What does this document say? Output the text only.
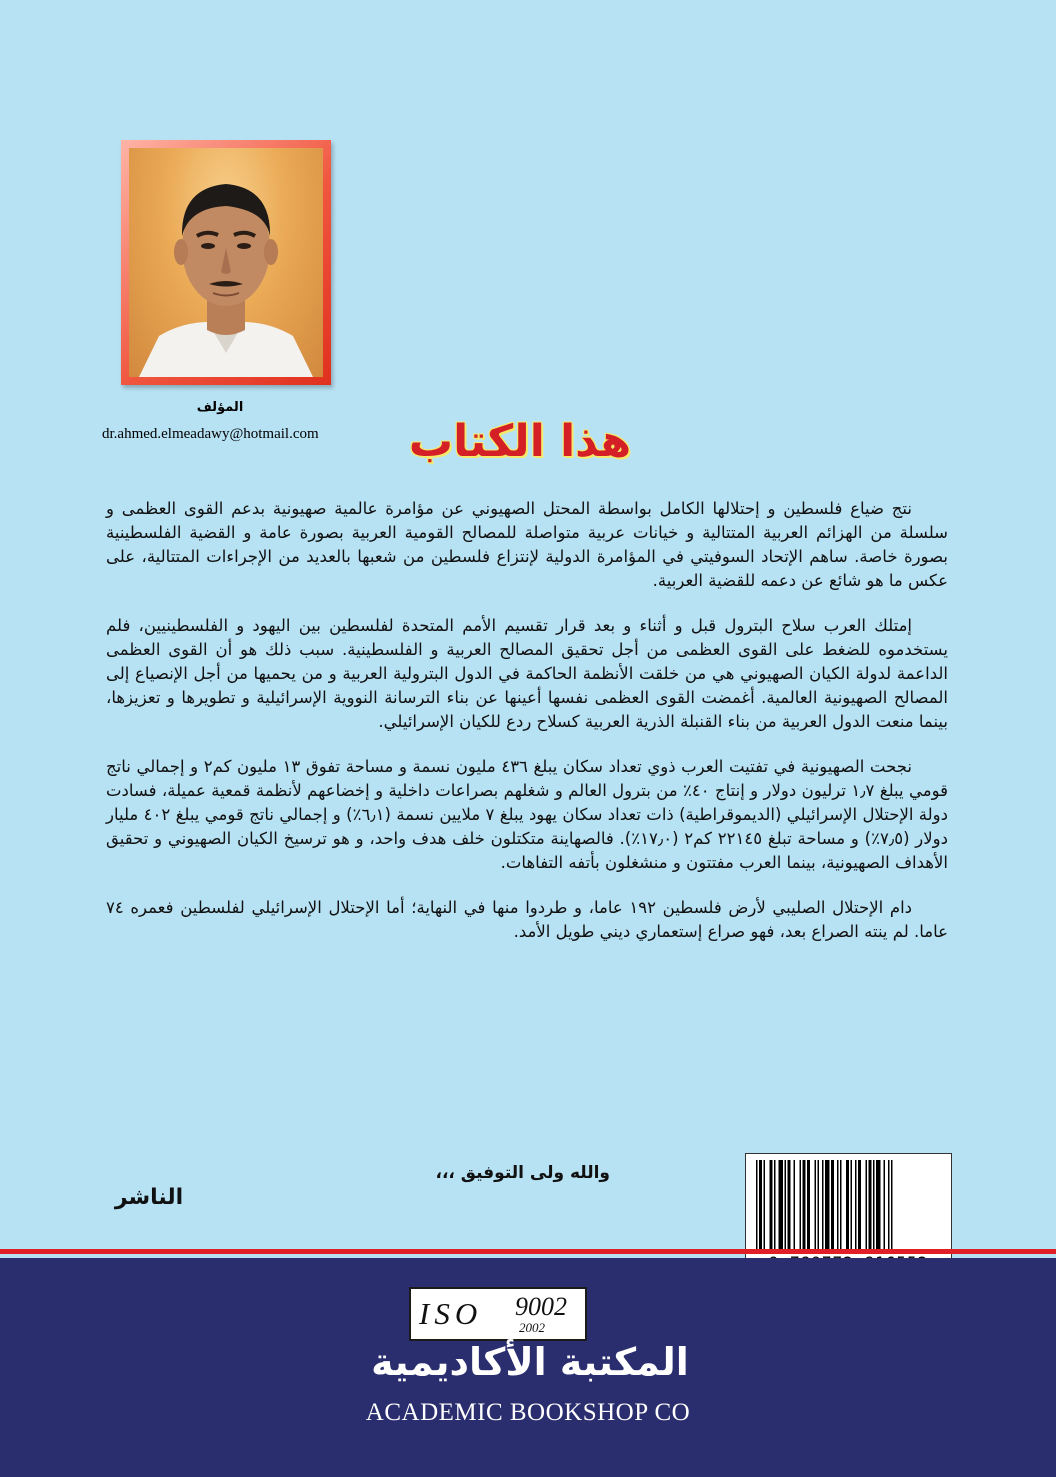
المؤلف
dr.ahmed.elmeadawy@hotmail.com هذا الكتاب

نتج ضياع فلسطين و إحتلالها الكامل بواسطة المحتل الصهيوني عن مؤامرة عالمية صهيونية بدعم القوى العظمى و سلسلة من الهزائم العربية المتتالية و خيانات عربية متواصلة للمصالح القومية العربية بصورة عامة و القضية الفلسطينية بصورة خاصة. ساهم الإتحاد السوفيتي في المؤامرة الدولية لإنتزاع فلسطين من شعبها بالعديد من الإجراءات المتتالية، على عكس ما هو شائع عن دعمه للقضية العربية.

إمتلك العرب سلاح البترول قبل و أثناء و بعد قرار تقسيم الأمم المتحدة لفلسطين بين اليهود و الفلسطينيين، فلم يستخدموه للضغط على القوى العظمى من أجل تحقيق المصالح العربية و الفلسطينية. سبب ذلك هو أن القوى العظمى الداعمة لدولة الكيان الصهيوني هي من خلقت الأنظمة الحاكمة في الدول البترولية العربية و من يحميها من أجل الإنصياع إلى المصالح الصهيونية العالمية. أغمضت القوى العظمى نفسها أعينها عن بناء الترسانة النووية الإسرائيلية و تطويرها و تعزيزها، بينما منعت الدول العربية من بناء القنبلة الذرية العربية كسلاح ردع للكيان الإسرائيلي.

نجحت الصهيونية في تفتيت العرب ذوي تعداد سكان يبلغ ٤٣٦ مليون نسمة و مساحة تفوق ١٣ مليون كم٢ و إجمالي ناتج قومي يبلغ ١٫٧ ترليون دولار و إنتاج ٤٠٪ من بترول العالم و شغلهم بصراعات داخلية و إخضاعهم لأنظمة قمعية عميلة، فسادت دولة الإحتلال الإسرائيلي (الديموقراطية) ذات تعداد سكان يهود يبلغ ٧ ملايين نسمة (٦٫١٪) و إجمالي ناتج قومي يبلغ ٤٠٢ مليار دولار (٧٫٥٪) و مساحة تبلغ ٢٢١٤٥ كم٢ (١٧٫٠٪). فالصهاينة متكتلون خلف هدف واحد، و هو ترسيخ الكيان الصهيوني و تحقيق الأهداف الصهيونية، بينما العرب مفتتون و منشغلون بأتفه التفاهات.

دام الإحتلال الصليبي لأرض فلسطين ١٩٢ عاما، و طردوا منها في النهاية؛ أما الإحتلال الإسرائيلي لفلسطين فعمره ٧٤ عاما. لم ينته الصراع بعد، فهو صراع إستعماري ديني طويل الأمد.

والله ولى التوفيق ،،،
الناشر
ISO 9002
2002
المكتبة الأكاديمية
ACADEMIC BOOKSHOP CO
